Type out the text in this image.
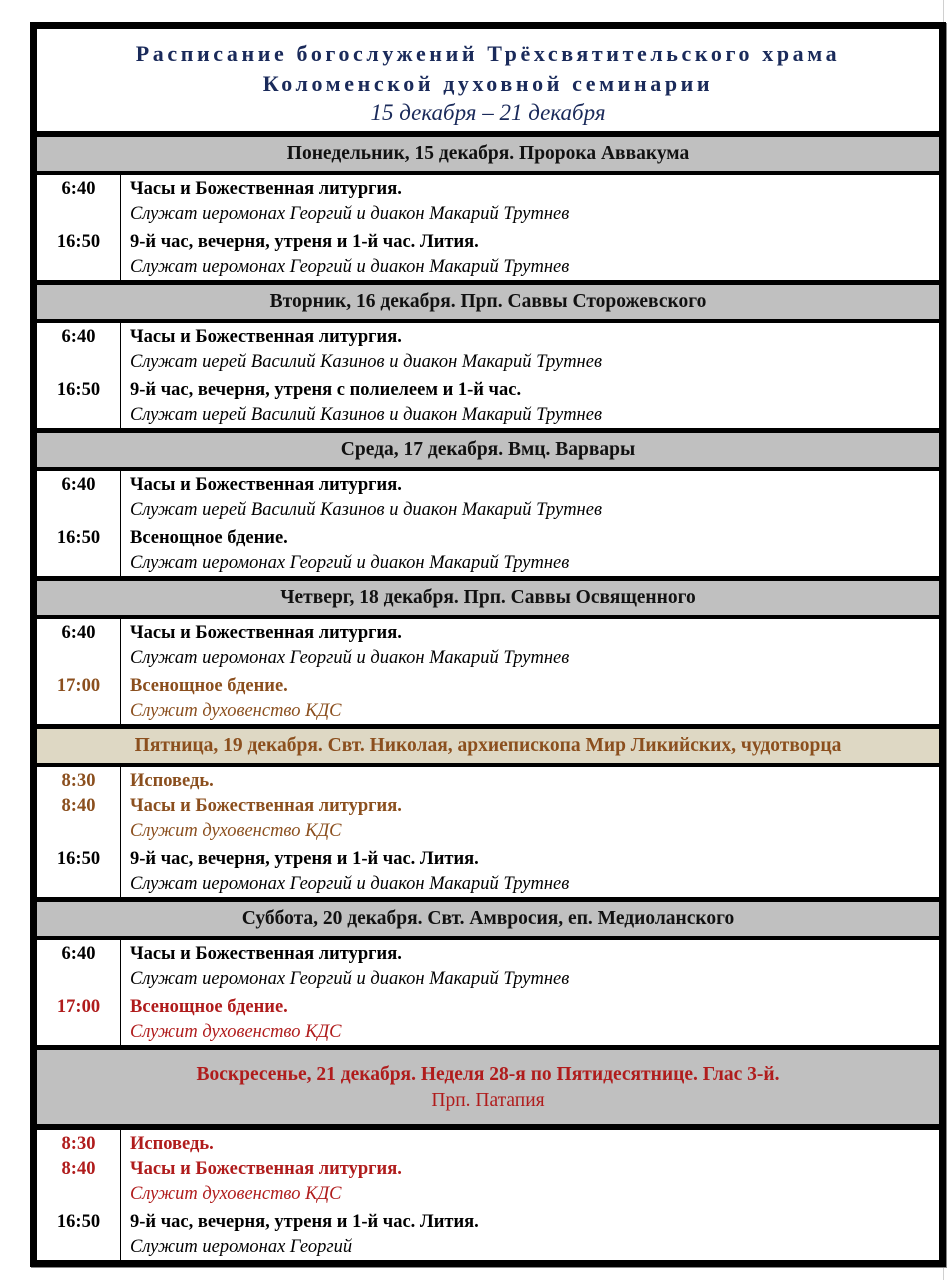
Расписание богослужений Трёхсвятительского храма
Коломенской духовной семинарии
15 декабря – 21 декабря
Понедельник, 15 декабря. Пророка Аввакума
6:40

16:50

Часы и Божественная литургия.
Служат иеромонах Георгий и диакон Макарий Трутнев
9-й час, вечерня, утреня и 1-й час. Лития.
Служат иеромонах Георгий и диакон Макарий Трутнев
Вторник, 16 декабря. Прп. Саввы Сторожевского
6:40

16:50

Часы и Божественная литургия.
Служат иерей Василий Казинов и диакон Макарий Трутнев
9-й час, вечерня, утреня с полиелеем и 1-й час.
Служат иерей Василий Казинов и диакон Макарий Трутнев
Среда, 17 декабря. Вмц. Варвары
6:40

16:50

Часы и Божественная литургия.
Служат иерей Василий Казинов и диакон Макарий Трутнев
Всенощное бдение.
Служат иеромонах Георгий и диакон Макарий Трутнев
Четверг, 18 декабря. Прп. Саввы Освященного
6:40

17:00

Часы и Божественная литургия.
Служат иеромонах Георгий и диакон Макарий Трутнев
Всенощное бдение.
Служит духовенство КДС
Пятница, 19 декабря. Свт. Николая, архиепископа Мир Ликийских, чудотворца
8:30
8:40

16:50

Исповедь.
Часы и Божественная литургия.
Служит духовенство КДС
9-й час, вечерня, утреня и 1-й час. Лития.
Служат иеромонах Георгий и диакон Макарий Трутнев
Суббота, 20 декабря. Свт. Амвросия, еп. Медиоланского
6:40

17:00

Часы и Божественная литургия.
Служат иеромонах Георгий и диакон Макарий Трутнев
Всенощное бдение.
Служит духовенство КДС
Воскресенье, 21 декабря. Неделя 28-я по Пятидесятнице. Глас 3-й.
Прп. Патапия
8:30
8:40

16:50

Исповедь.
Часы и Божественная литургия.
Служит духовенство КДС
9-й час, вечерня, утреня и 1-й час. Лития.
Служит иеромонах Георгий
